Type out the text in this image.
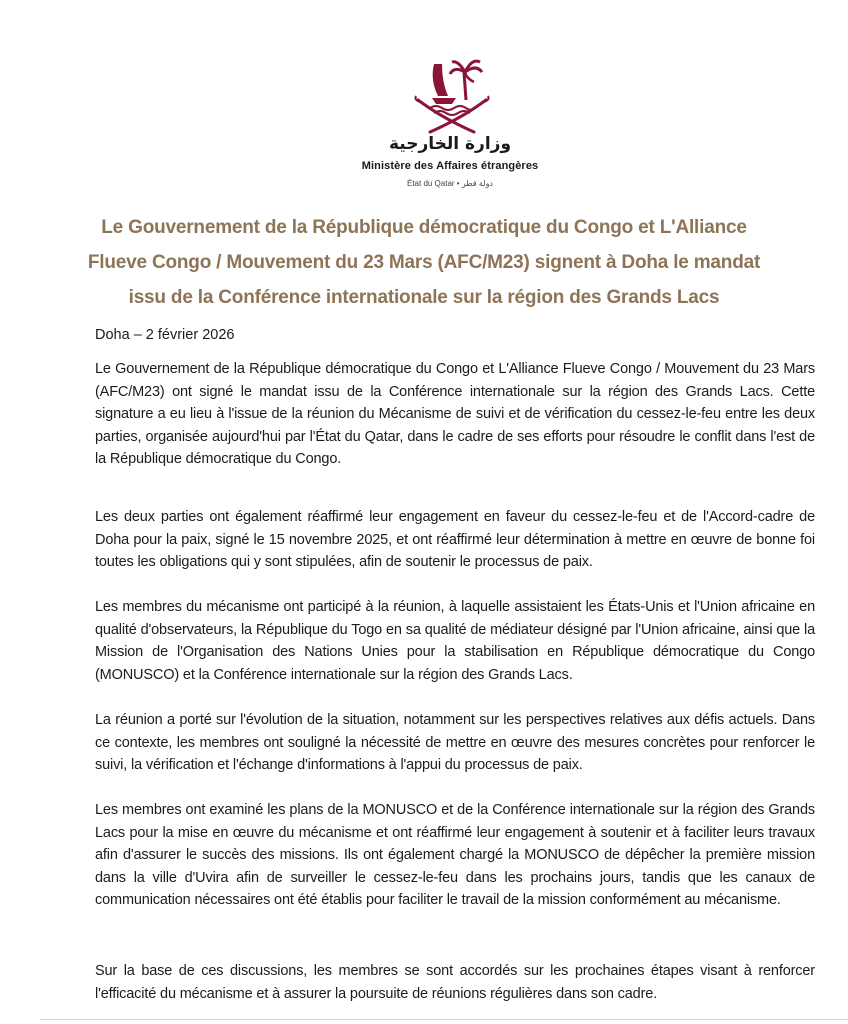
وزارة الخارجية
Ministère des Affaires étrangères
État du Qatar • دولة قطر
Le Gouvernement de la République démocratique du Congo et L'Alliance Flueve Congo / Mouvement du 23 Mars (AFC/M23) signent à Doha le mandat issu de la Conférence internationale sur la région des Grands Lacs
Doha – 2 février 2026

Le Gouvernement de la République démocratique du Congo et L'Alliance Flueve Congo / Mouvement du 23 Mars (AFC/M23) ont signé le mandat issu de la Conférence internationale sur la région des Grands Lacs. Cette signature a eu lieu à l'issue de la réunion du Mécanisme de suivi et de vérification du cessez-le-feu entre les deux parties, organisée aujourd'hui par l'État du Qatar, dans le cadre de ses efforts pour résoudre le conflit dans l'est de la République démocratique du Congo.

Les deux parties ont également réaffirmé leur engagement en faveur du cessez-le-feu et de l'Accord-cadre de Doha pour la paix, signé le 15 novembre 2025, et ont réaffirmé leur détermination à mettre en œuvre de bonne foi toutes les obligations qui y sont stipulées, afin de soutenir le processus de paix.

Les membres du mécanisme ont participé à la réunion, à laquelle assistaient les États-Unis et l'Union africaine en qualité d'observateurs, la République du Togo en sa qualité de médiateur désigné par l'Union africaine, ainsi que la Mission de l'Organisation des Nations Unies pour la stabilisation en République démocratique du Congo (MONUSCO) et la Conférence internationale sur la région des Grands Lacs.

La réunion a porté sur l'évolution de la situation, notamment sur les perspectives relatives aux défis actuels. Dans ce contexte, les membres ont souligné la nécessité de mettre en œuvre des mesures concrètes pour renforcer le suivi, la vérification et l'échange d'informations à l'appui du processus de paix.

Les membres ont examiné les plans de la MONUSCO et de la Conférence internationale sur la région des Grands Lacs pour la mise en œuvre du mécanisme et ont réaffirmé leur engagement à soutenir et à faciliter leurs travaux afin d'assurer le succès des missions. Ils ont également chargé la MONUSCO de dépêcher la première mission dans la ville d'Uvira afin de surveiller le cessez-le-feu dans les prochains jours, tandis que les canaux de communication nécessaires ont été établis pour faciliter le travail de la mission conformément au mécanisme.

Sur la base de ces discussions, les membres se sont accordés sur les prochaines étapes visant à renforcer l'efficacité du mécanisme et à assurer la poursuite de réunions régulières dans son cadre.
